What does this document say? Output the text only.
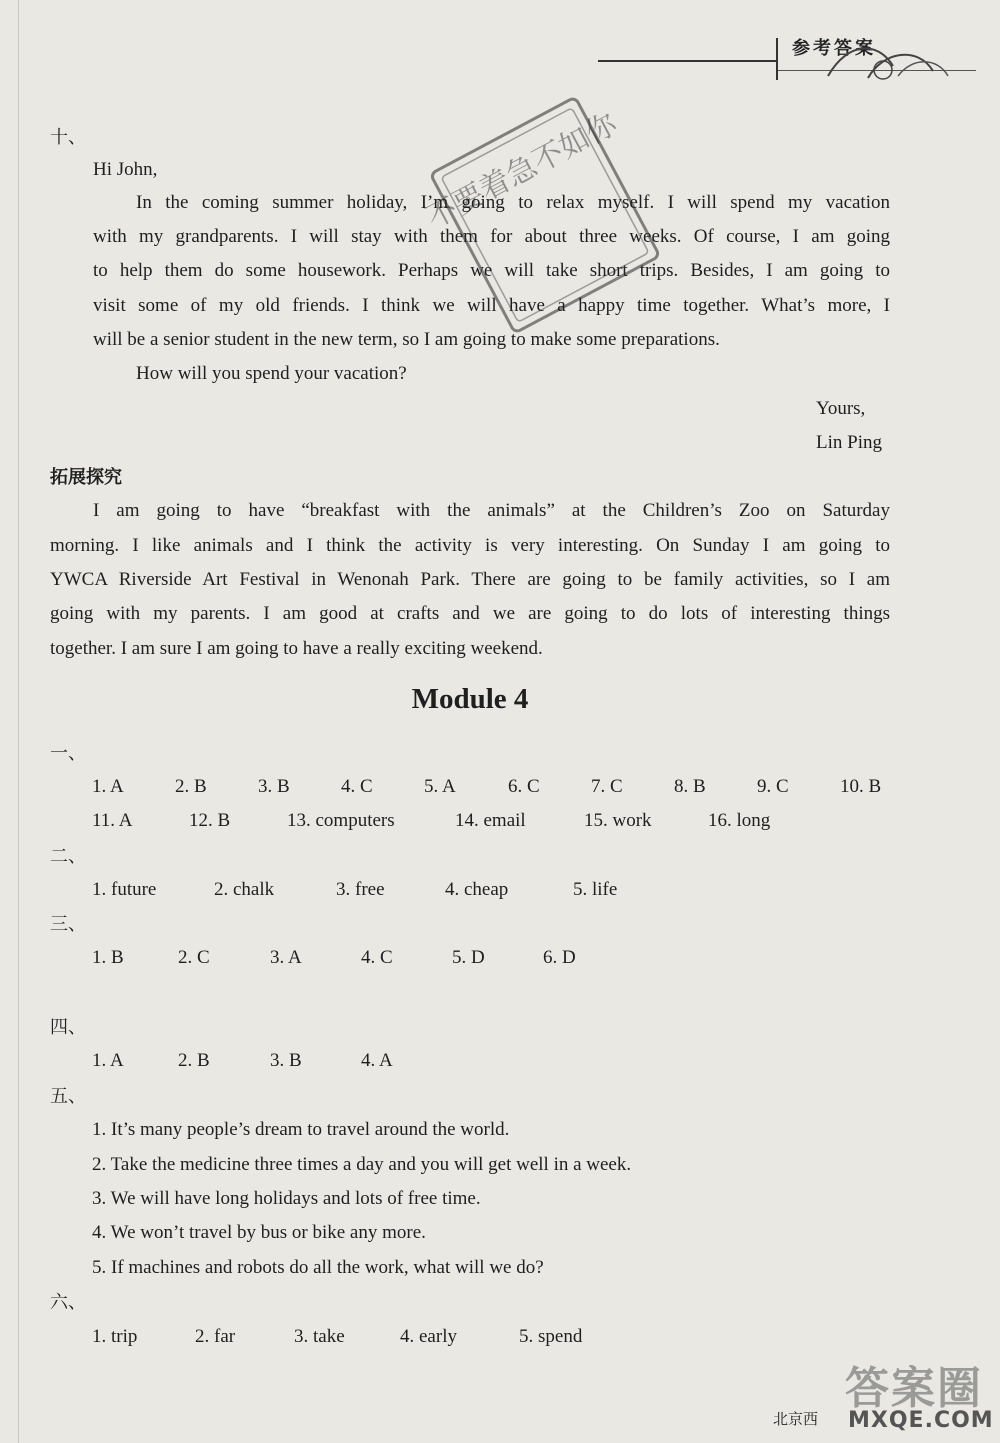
参考答案
十、
Hi John,
In the coming summer holiday, I’m going to relax myself. I will spend my vacation
with my grandparents. I will stay with them for about three weeks. Of course, I am going
to help them do some housework. Perhaps we will take short trips. Besides, I am going to
visit some of my old friends. I think we will have a happy time together. What’s more, I
will be a senior student in the new term, so I am going to make some preparations.
How will you spend your vacation?
Yours,
Lin Ping
拓展探究
I am going to have “breakfast with the animals” at the Children’s Zoo on Saturday
morning. I like animals and I think the activity is very interesting. On Sunday I am going to
YWCA Riverside Art Festival in Wenonah Park. There are going to be family activities, so I am
going with my parents. I am good at crafts and we are going to do lots of interesting things
together. I am sure I am going to have a really exciting weekend.
Module 4
一、
1. A	2. B	3. B	4. C	5. A	6. C	7. C	8. B	9. C	10. B
11. A	12. B	13. computers	14. email	15. work	16. long
二、
1. future	2. chalk	3. free	4. cheap	5. life
三、
1. B	2. C	3. A	4. C	5. D	6. D
四、
1. A	2. B	3. B	4. A
五、
1. It’s many people’s dream to travel around the world.
2. Take the medicine three times a day and you will get well in a week.
3. We will have long holidays and lots of free time.
4. We won’t travel by bus or bike any more.
5. If machines and robots do all the work, what will we do?
六、
1. trip	2. far	3. take	4. early	5. spend
不要着急不如你
北京西
答案圈
MXQE.COM
